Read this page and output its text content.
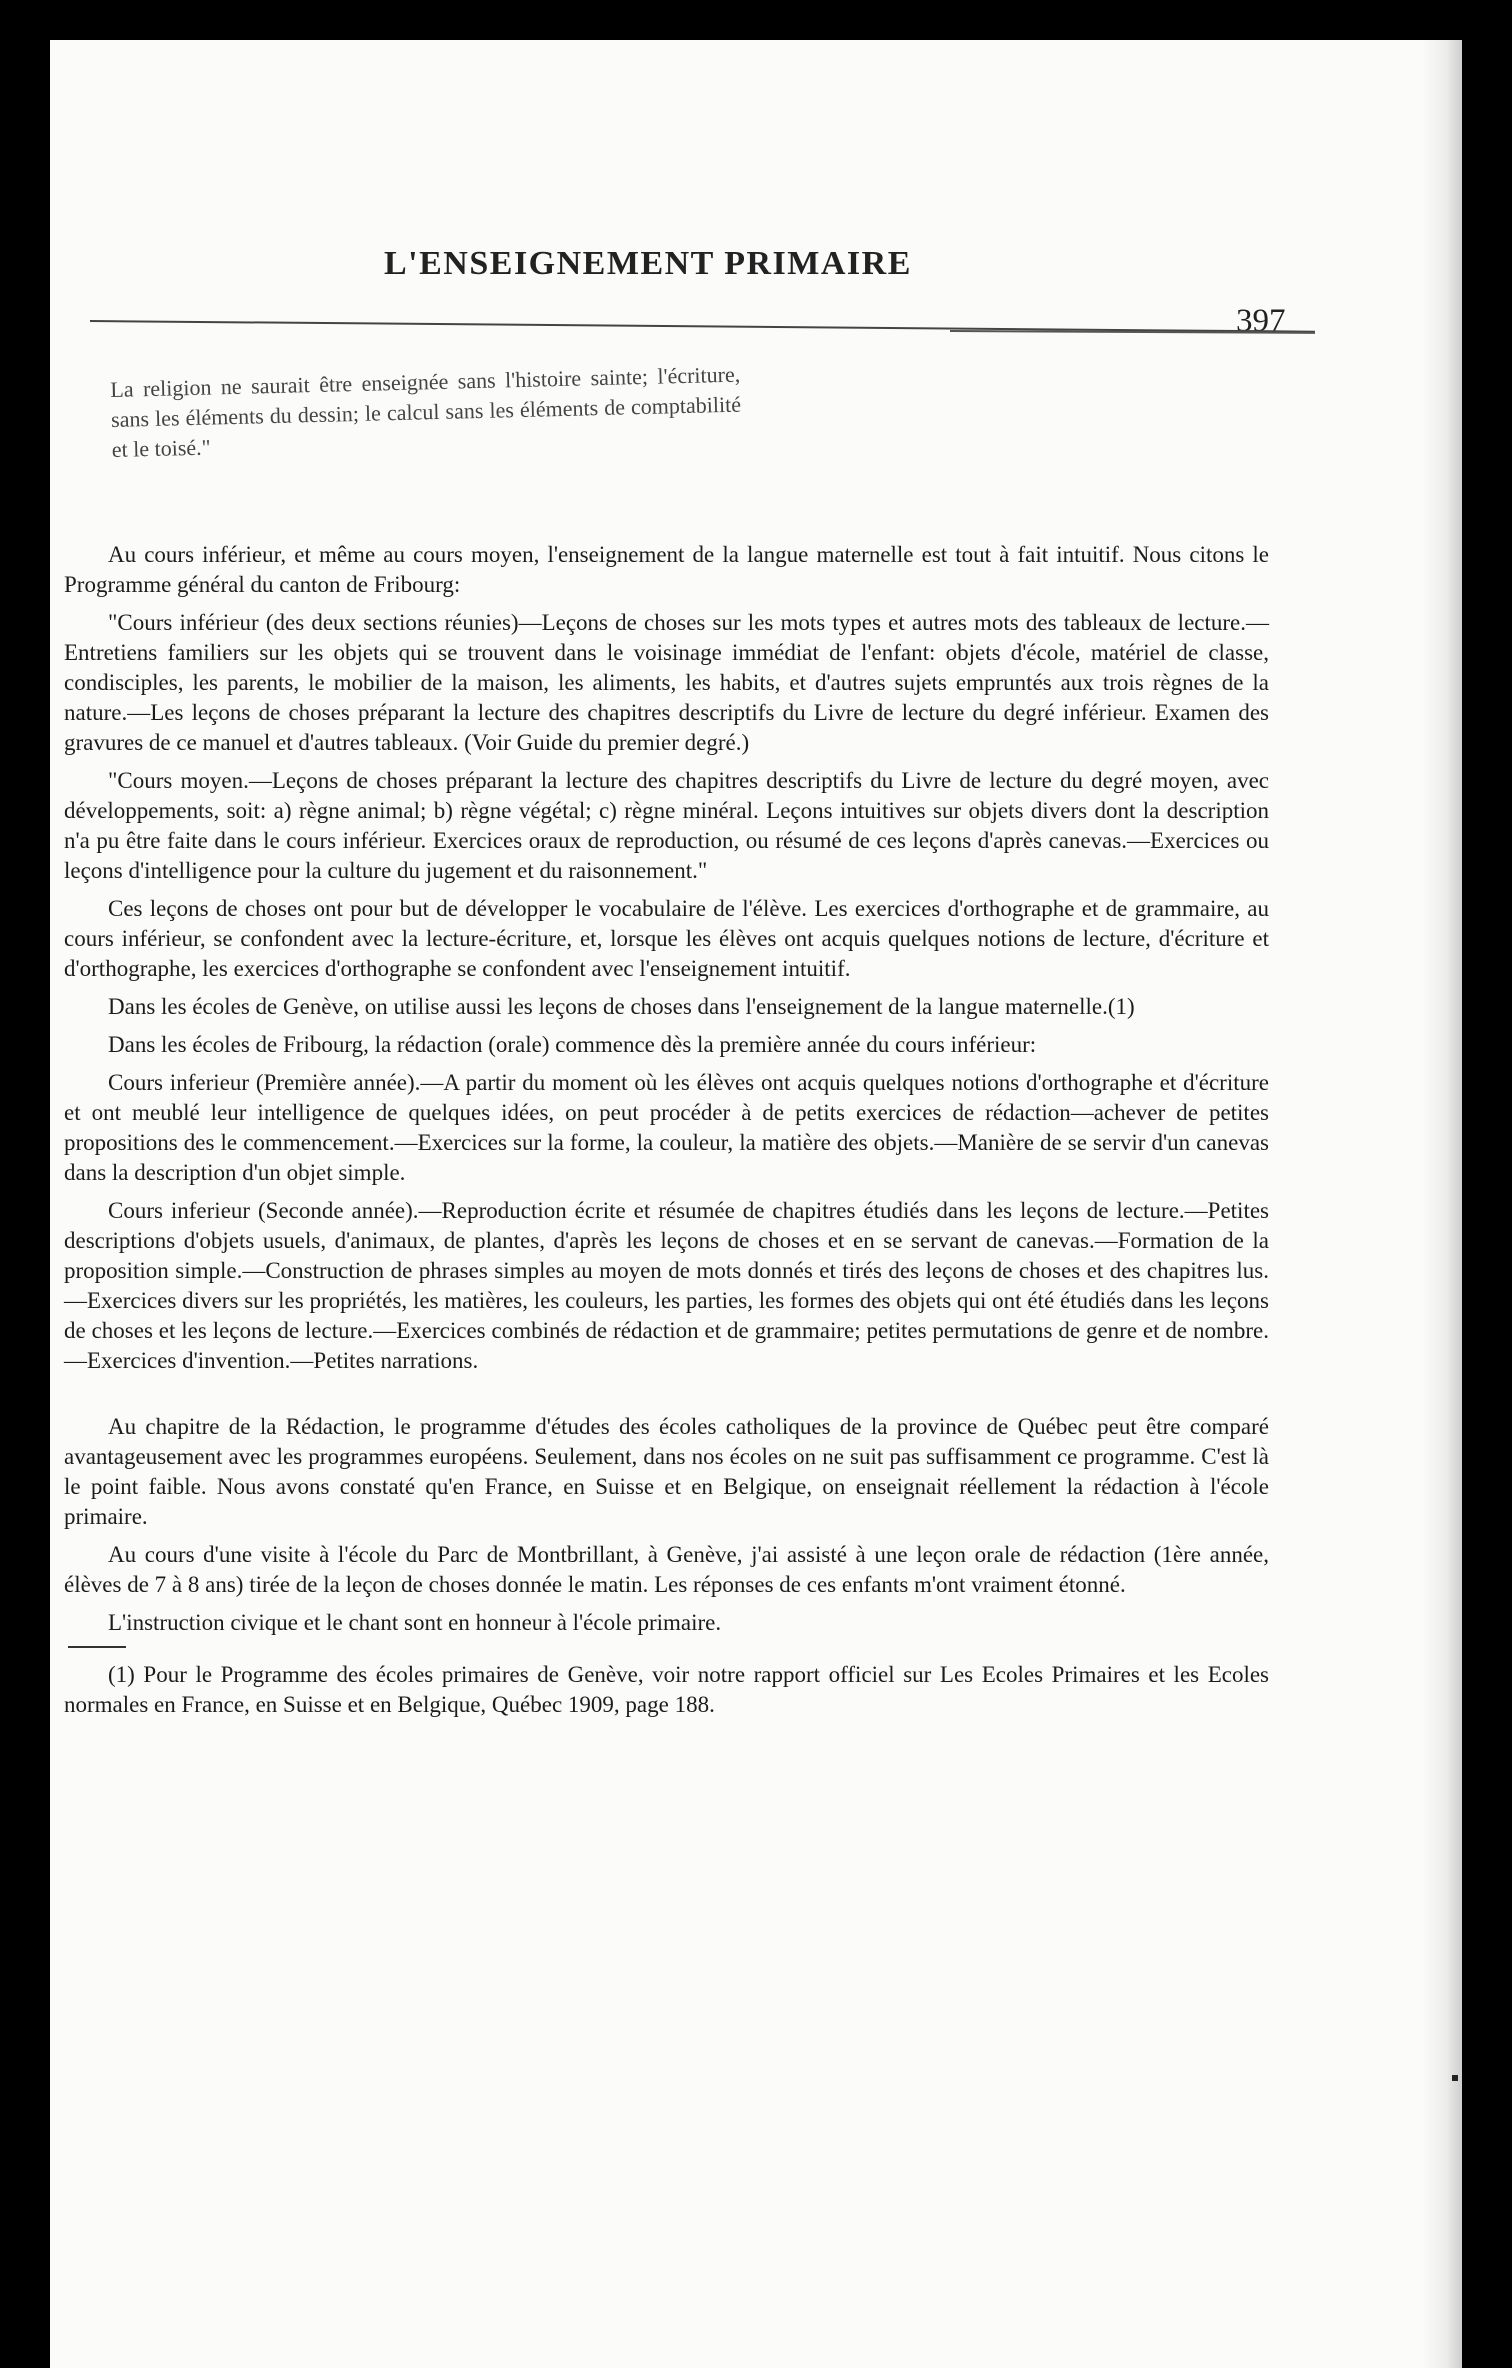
L'ENSEIGNEMENT PRIMAIRE
397
La religion ne saurait être enseignée sans l'histoire sainte; l'écriture, sans les éléments du dessin; le calcul sans les éléments de comptabilité et le toisé."

Au cours inférieur, et même au cours moyen, l'enseignement de la langue maternelle est tout à fait intuitif. Nous citons le Programme général du canton de Fribourg:

"Cours inférieur (des deux sections réunies)—Leçons de choses sur les mots types et autres mots des tableaux de lecture.—Entretiens familiers sur les objets qui se trouvent dans le voisinage immédiat de l'enfant: objets d'école, matériel de classe, condisciples, les parents, le mobilier de la maison, les aliments, les habits, et d'autres sujets empruntés aux trois règnes de la nature.—Les leçons de choses préparant la lecture des chapitres descriptifs du Livre de lecture du degré inférieur. Examen des gravures de ce manuel et d'autres tableaux. (Voir Guide du premier degré.)

"Cours moyen.—Leçons de choses préparant la lecture des chapitres descriptifs du Livre de lecture du degré moyen, avec développements, soit: a) règne animal; b) règne végétal; c) règne minéral. Leçons intuitives sur objets divers dont la description n'a pu être faite dans le cours inférieur. Exercices oraux de reproduction, ou résumé de ces leçons d'après canevas.—Exercices ou leçons d'intelligence pour la culture du jugement et du raisonnement."

Ces leçons de choses ont pour but de développer le vocabulaire de l'élève. Les exercices d'orthographe et de grammaire, au cours inférieur, se confondent avec la lecture-écriture, et, lorsque les élèves ont acquis quelques notions de lecture, d'écriture et d'orthographe, les exercices d'orthographe se confondent avec l'enseignement intuitif.

Dans les écoles de Genève, on utilise aussi les leçons de choses dans l'enseignement de la langue maternelle.(1)

Dans les écoles de Fribourg, la rédaction (orale) commence dès la première année du cours inférieur:

Cours inferieur (Première année).—A partir du moment où les élèves ont acquis quelques notions d'orthographe et d'écriture et ont meublé leur intelligence de quelques idées, on peut procéder à de petits exercices de rédaction—achever de petites propositions des le commencement.—Exercices sur la forme, la couleur, la matière des objets.—Manière de se servir d'un canevas dans la description d'un objet simple.

Cours inferieur (Seconde année).—Reproduction écrite et résumée de chapitres étudiés dans les leçons de lecture.—Petites descriptions d'objets usuels, d'animaux, de plantes, d'après les leçons de choses et en se servant de canevas.—Formation de la proposition simple.—Construction de phrases simples au moyen de mots donnés et tirés des leçons de choses et des chapitres lus.—Exercices divers sur les propriétés, les matières, les couleurs, les parties, les formes des objets qui ont été étudiés dans les leçons de choses et les leçons de lecture.—Exercices combinés de rédaction et de grammaire; petites permutations de genre et de nombre.—Exercices d'invention.—Petites narrations.

Au chapitre de la Rédaction, le programme d'études des écoles catholiques de la province de Québec peut être comparé avantageusement avec les programmes européens. Seulement, dans nos écoles on ne suit pas suffisamment ce programme. C'est là le point faible. Nous avons constaté qu'en France, en Suisse et en Belgique, on enseignait réellement la rédaction à l'école primaire.

Au cours d'une visite à l'école du Parc de Montbrillant, à Genève, j'ai assisté à une leçon orale de rédaction (1ère année, élèves de 7 à 8 ans) tirée de la leçon de choses donnée le matin. Les réponses de ces enfants m'ont vraiment étonné.

L'instruction civique et le chant sont en honneur à l'école primaire.

(1) Pour le Programme des écoles primaires de Genève, voir notre rapport officiel sur Les Ecoles Primaires et les Ecoles normales en France, en Suisse et en Belgique, Québec 1909, page 188.
